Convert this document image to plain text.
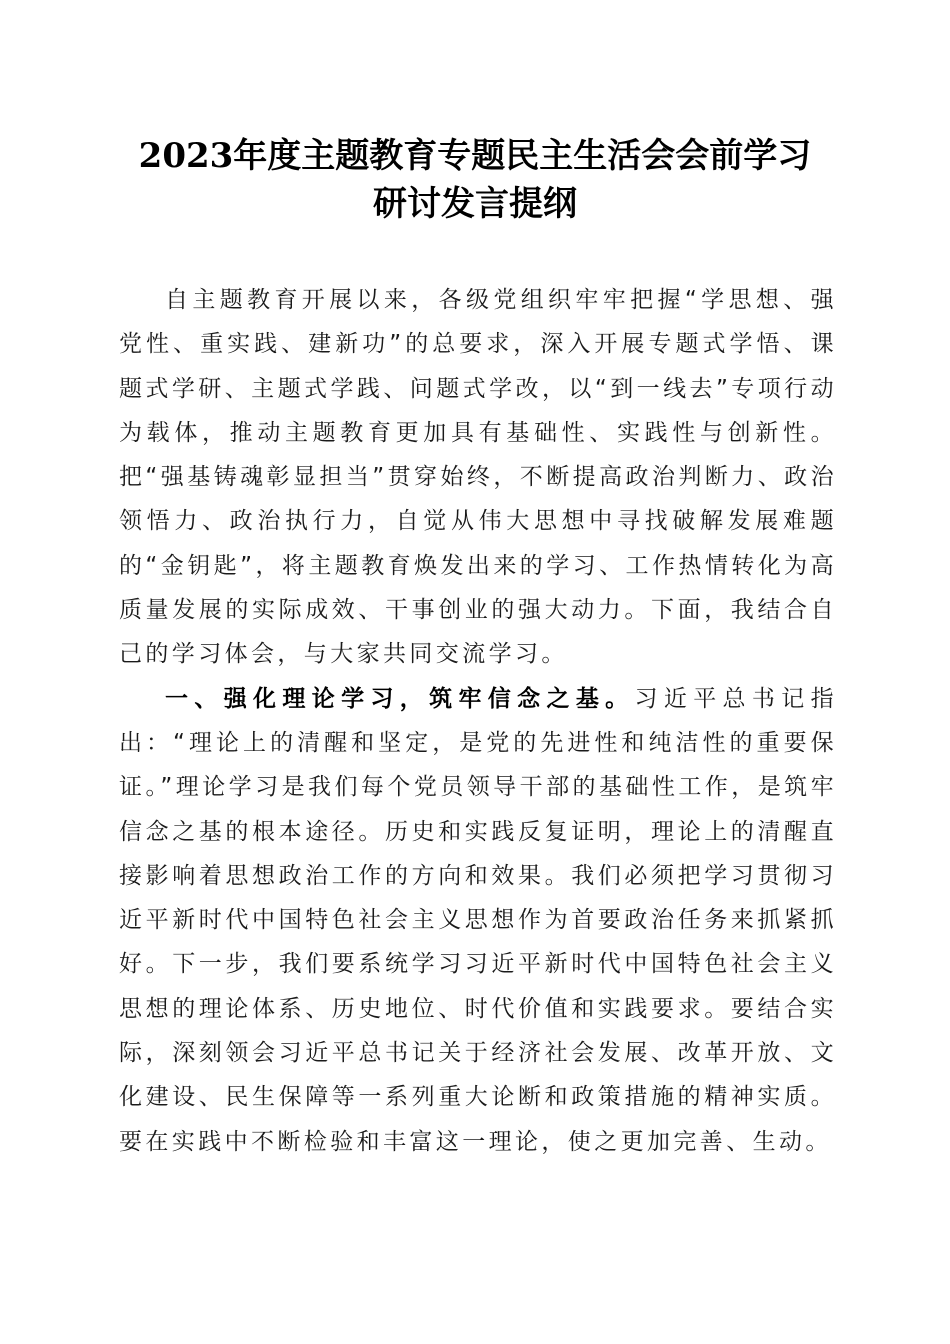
2023年度主题教育专题民主生活会会前学习
研讨发言提纲

自主题教育开展以来，各级党组织牢牢把握“学思想、强党性、重实践、建新功”的总要求，深入开展专题式学悟、课题式学研、主题式学践、问题式学改，以“到一线去”专项行动为载体，推动主题教育更加具有基础性、实践性与创新性。把“强基铸魂彰显担当”贯穿始终，不断提高政治判断力、政治领悟力、政治执行力，自觉从伟大思想中寻找破解发展难题的“金钥匙”，将主题教育焕发出来的学习、工作热情转化为高质量发展的实际成效、干事创业的强大动力。下面，我结合自己的学习体会，与大家共同交流学习。

一、强化理论学习，筑牢信念之基。习近平总书记指出：“理论上的清醒和坚定，是党的先进性和纯洁性的重要保证。”理论学习是我们每个党员领导干部的基础性工作，是筑牢信念之基的根本途径。历史和实践反复证明，理论上的清醒直接影响着思想政治工作的方向和效果。我们必须把学习贯彻习近平新时代中国特色社会主义思想作为首要政治任务来抓紧抓好。下一步，我们要系统学习习近平新时代中国特色社会主义思想的理论体系、历史地位、时代价值和实践要求。要结合实际，深刻领会习近平总书记关于经济社会发展、改革开放、文化建设、民生保障等一系列重大论断和政策措施的精神实质。要在实践中不断检验和丰富这一理论，使之更加完善、生动。
